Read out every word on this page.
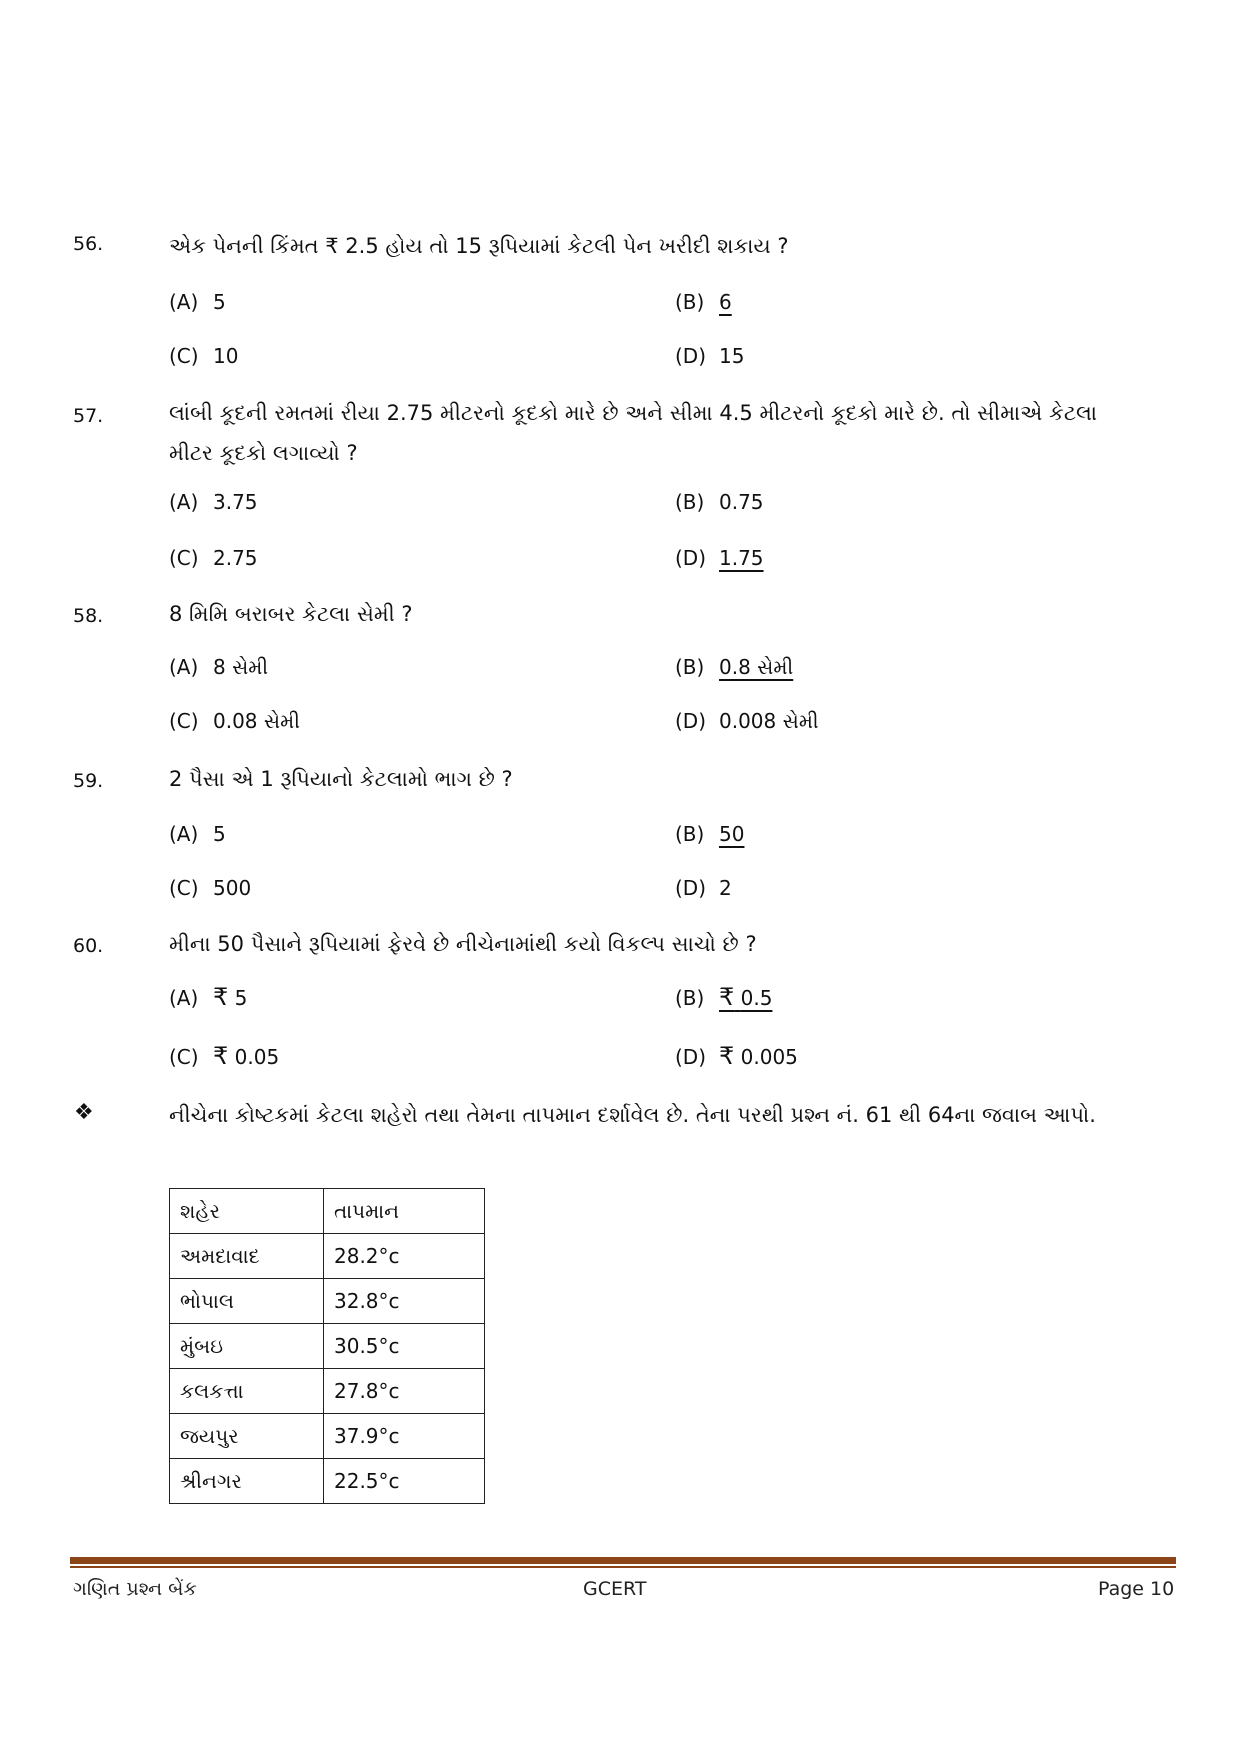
56.	એક પેનની કિંમત ₹ 2.5 હોય તો 15 રૂપિયામાં કેટલી પેન ખરીદી શકાય ?
(A) 5	(B) 6
(C) 10	(D) 15
57.	લાંબી કૂદની રમતમાં રીયા 2.75 મીટરનો કૂદકો મારે છે અને સીમા 4.5 મીટરનો કૂદકો મારે છે. તો સીમાએ કેટલા મીટર કૂદકો લગાવ્યો ?
(A) 3.75	(B) 0.75
(C) 2.75	(D) 1.75
58.	8 મિમિ બરાબર કેટલા સેમી ?
(A) 8 સેમી	(B) 0.8 સેમી
(C) 0.08 સેમી	(D) 0.008 સેમી
59.	2 પૈસા એ 1 રૂપિયાનો કેટલામો ભાગ છે ?
(A) 5	(B) 50
(C) 500	(D) 2
60.	મીના 50 પૈસાને રૂપિયામાં ફેરવે છે નીચેનામાંથી કયો વિકલ્પ સાચો છે ?
(A) ₹ 5	(B) ₹ 0.5
(C) ₹ 0.05	(D) ₹ 0.005
❖	નીચેના કોષ્ટકમાં કેટલા શહેરો તથા તેમના તાપમાન દર્શાવેલ છે. તેના પરથી પ્રશ્ન નં. 61 થી 64ના જવાબ આપો.
શહેર	તાપમાન
અમદાવાદ	28.2°c
ભોપાલ	32.8°c
મુંબઇ	30.5°c
કલકત્તા	27.8°c
જયપુર	37.9°c
શ્રીનગર	22.5°c
ગણિત પ્રશ્ન બેંક	GCERT	Page 10
